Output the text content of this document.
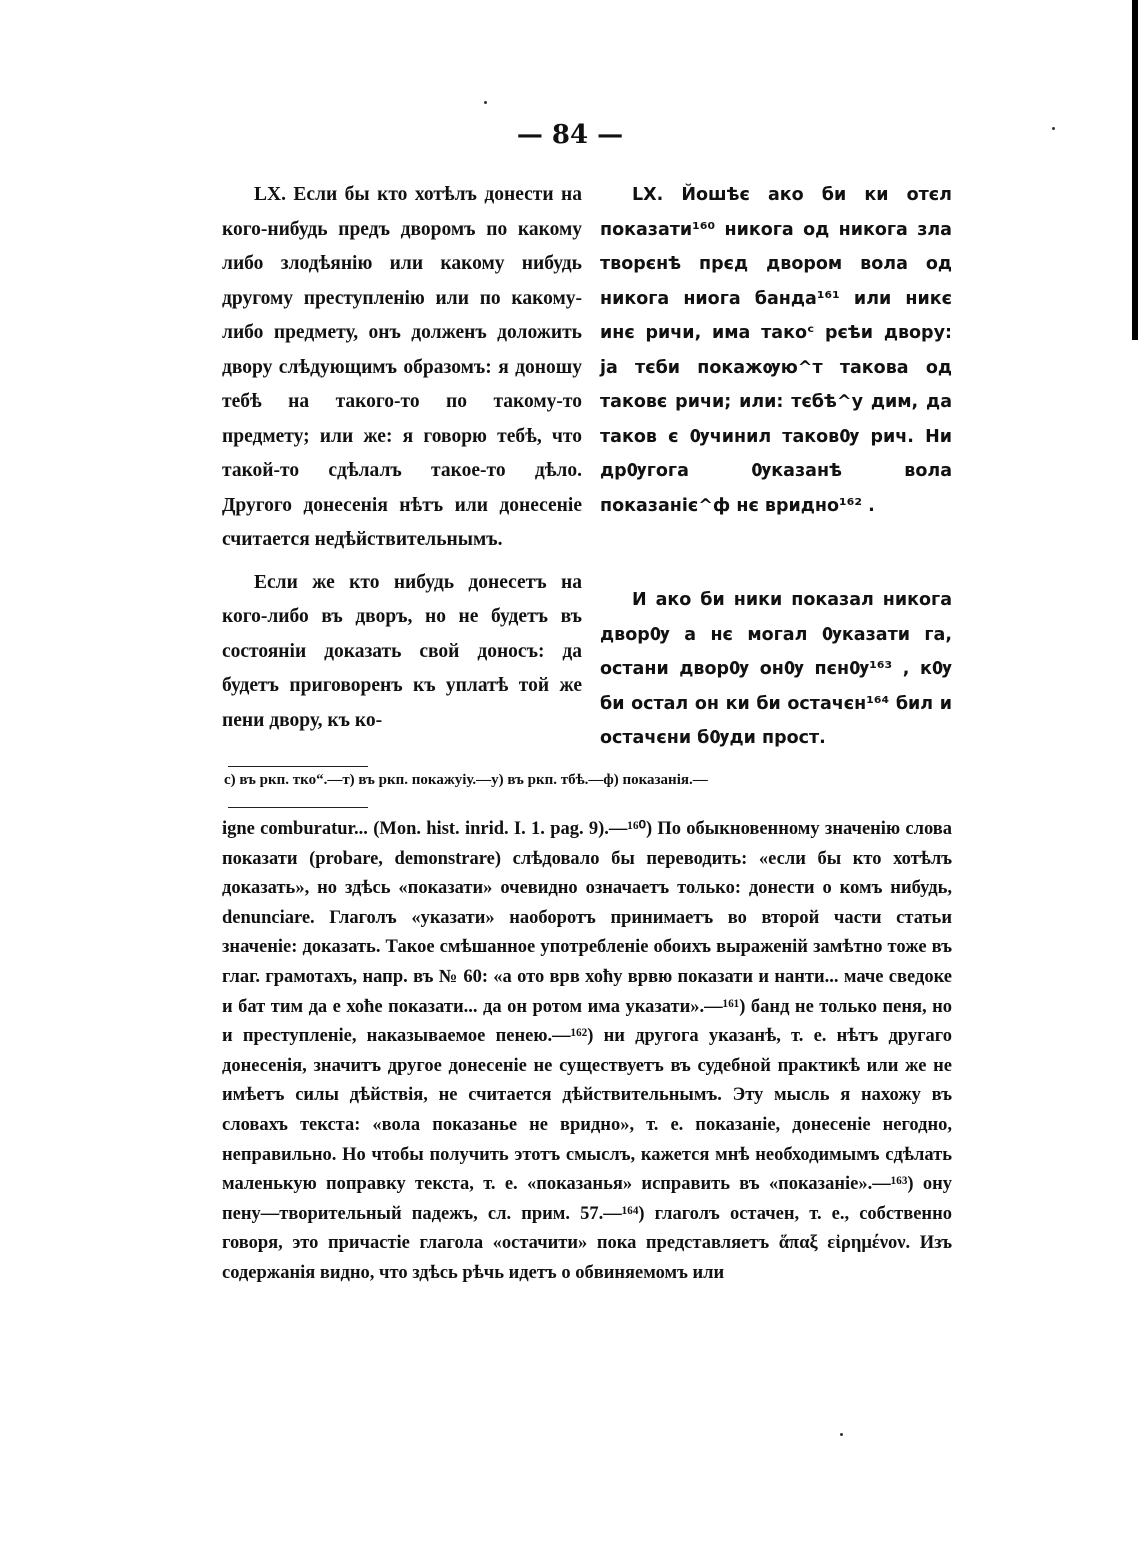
— 84 —

LX. Если бы кто хотѣлъ донести на кого-нибудь предъ дворомъ по какому либо злодѣянію или какому нибудь другому преступленію или по какому-либо предмету, онъ долженъ доложить двору слѣдующимъ образомъ: я доношу тебѣ на такого-то по такому-то предмету; или же: я говорю тебѣ, что такой-то сдѣлалъ такое-то дѣло. Другого донесенія нѣтъ или донесеніе считается недѣйствительнымъ.

Если же кто нибудь донесетъ на кого-либо въ дворъ, но не будетъ въ состояніи доказать свой доносъ: да будетъ приговоренъ къ уплатѣ той же пени двору, къ ко-

LX. Йошѣє ако би ки отєл показати¹⁶⁰ никога од никога зла творєнѣ прєд двором вола од никога ниога банда¹⁶¹ или никє инє ричи, има такоᶜ рєѣи двору: ја тєби покажѹю^т такова од таковє ричи; или: тєбѣ^у дим, да таков є Ѹчинил таковѸ рич. Ни дрѸгога Ѹказанѣ вола показаніє^ф нє вридно¹⁶² .

И ако би ники показал никога дворѸ а нє могал Ѹказати га, остани дворѸ онѸ пєнѸ¹⁶³ , кѸ би остал он ки би остачєн¹⁶⁴ бил и остачєни бѸди прост.

с) въ ркп. тко“.—т) въ ркп. покажуіу.—у) въ ркп. тбѣ.—ф) показанія.—

igne comburatur... (Mon. hist. inrid. I. 1. pag. 9).—¹⁶⁰) По обыкновенному значенію слова показати (probare, demonstrare) слѣдовало бы переводить: «если бы кто хотѣлъ доказать», но здѣсь «показати» очевидно означаетъ только: донести о комъ нибудь, denunciare. Глаголъ «указати» наоборотъ принимаетъ во второй части статьи значеніе: доказать. Такое смѣшанное употребленіе обоихъ выраженій замѣтно тоже въ глаг. грамотахъ, напр. въ № 60: «а ото врв хоћу врвю показати и нанти... маче сведоке и бат тим да е хоће показати... да он ротом има указати».—¹⁶¹) банд не только пеня, но и преступленіе, наказываемое пенею.—¹⁶²) ни другога указанѣ, т. е. нѣтъ другаго донесенія, значитъ другое донесеніе не существуетъ въ судебной практикѣ или же не имѣетъ силы дѣйствія, не считается дѣйствительнымъ. Эту мысль я нахожу въ словахъ текста: «вола показанье не вридно», т. е. показаніе, донесеніе негодно, неправильно. Но чтобы получить этотъ смыслъ, кажется мнѣ необходимымъ сдѣлать маленькую поправку текста, т. е. «показанья» исправить въ «показаніе».—¹⁶³) ону пену—творительный падежъ, сл. прим. 57.—¹⁶⁴) глаголъ остачен, т. е., собственно говоря, это причастіе глагола «остачити» пока представляетъ ἅπαξ εἰρημένον. Изъ содержанія видно, что здѣсь рѣчь идетъ о обвиняемомъ или
